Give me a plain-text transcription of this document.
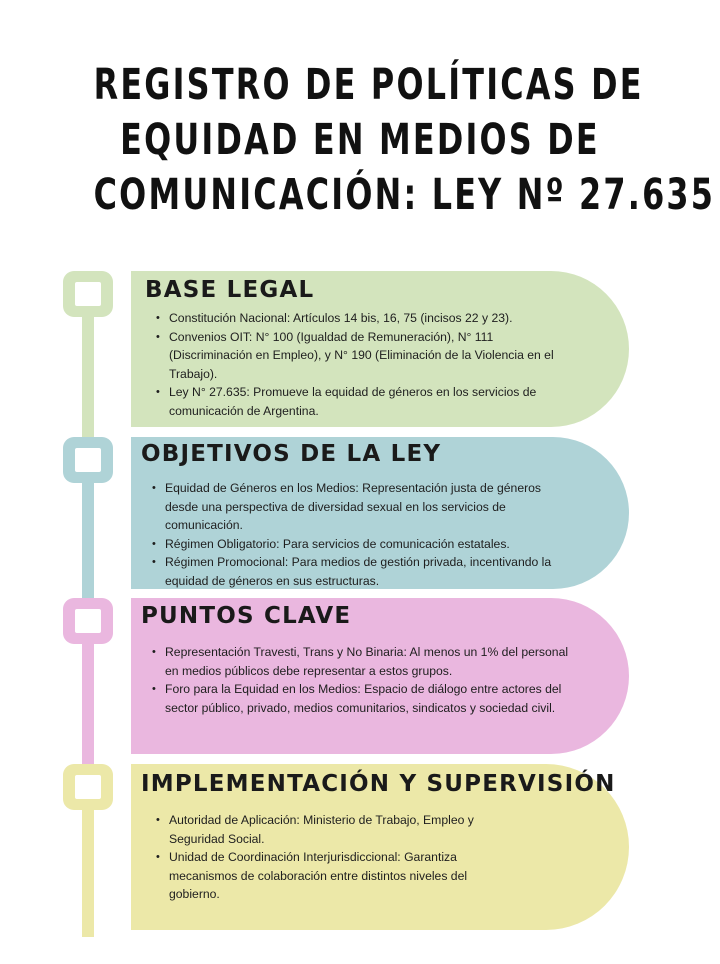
REGISTRO DE POLÍTICAS DE
EQUIDAD EN MEDIOS DE
COMUNICACIÓN: LEY Nº 27.635
BASE LEGAL
• Constitución Nacional: Artículos 14 bis, 16, 75 (incisos 22 y 23).
• Convenios OIT: N° 100 (Igualdad de Remuneración), N° 111 (Discriminación en Empleo), y N° 190 (Eliminación de la Violencia en el Trabajo).
• Ley N° 27.635: Promueve la equidad de géneros en los servicios de comunicación de Argentina.
OBJETIVOS DE LA LEY
• Equidad de Géneros en los Medios: Representación justa de géneros desde una perspectiva de diversidad sexual en los servicios de comunicación.
• Régimen Obligatorio: Para servicios de comunicación estatales.
• Régimen Promocional: Para medios de gestión privada, incentivando la equidad de géneros en sus estructuras.
PUNTOS CLAVE
• Representación Travesti, Trans y No Binaria: Al menos un 1% del personal en medios públicos debe representar a estos grupos.
• Foro para la Equidad en los Medios: Espacio de diálogo entre actores del sector público, privado, medios comunitarios, sindicatos y sociedad civil.
IMPLEMENTACIÓN Y SUPERVISIÓN
• Autoridad de Aplicación: Ministerio de Trabajo, Empleo y Seguridad Social.
• Unidad de Coordinación Interjurisdiccional: Garantiza mecanismos de colaboración entre distintos niveles del gobierno.
